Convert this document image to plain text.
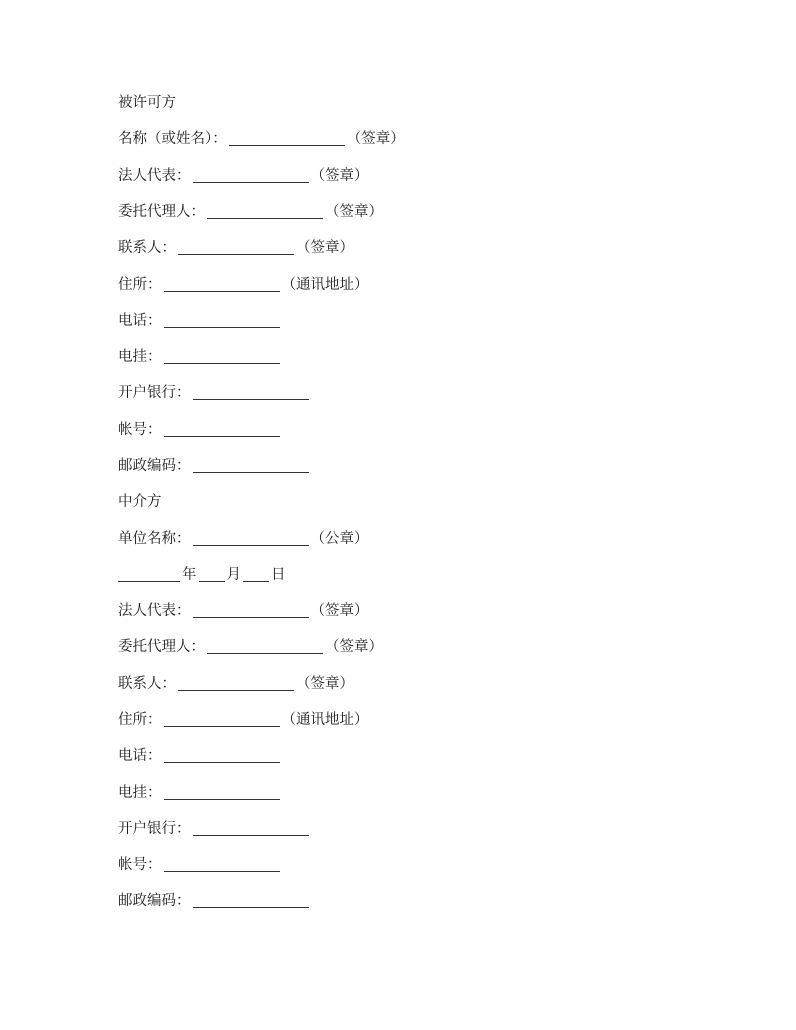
被许可方
名称（或姓名）：	（签章）
法人代表：	（签章）
委托代理人：	（签章）
联系人：	（签章）
住所：	（通讯地址）
电话：
电挂：
开户银行：
帐号：
邮政编码：
中介方
单位名称：	（公章）
年 月 日
法人代表：	（签章）
委托代理人：	（签章）
联系人：	（签章）
住所：	（通讯地址）
电话：
电挂：
开户银行：
帐号：
邮政编码：
